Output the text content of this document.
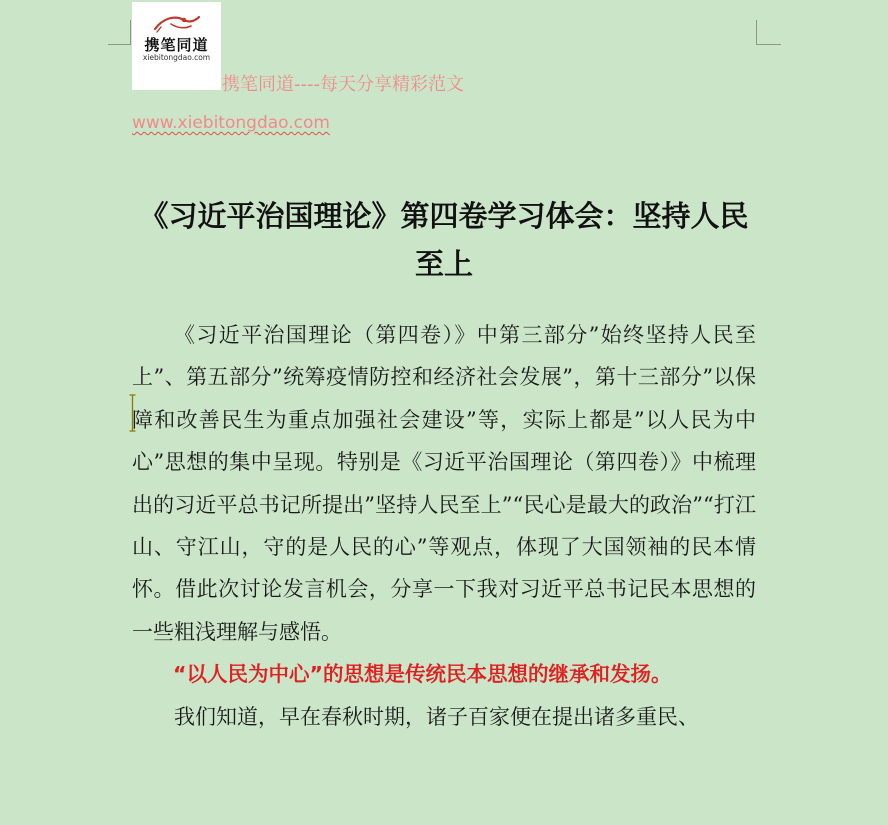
携笔同道
xiebitongdao.com
携笔同道----每天分享精彩范文
www.xiebitongdao.com
《习近平治国理论》第四卷学习体会：坚持人民至上

《习近平治国理论（第四卷）》中第三部分”始终坚持人民至上”、第五部分”统筹疫情防控和经济社会发展”，第十三部分”以保障和改善民生为重点加强社会建设”等，实际上都是”以人民为中心”思想的集中呈现。特别是《习近平治国理论（第四卷）》中梳理出的习近平总书记所提出”坚持人民至上”“民心是最大的政治”“打江山、守江山，守的是人民的心”等观点，体现了大国领袖的民本情怀。借此次讨论发言机会，分享一下我对习近平总书记民本思想的一些粗浅理解与感悟。

“以人民为中心”的思想是传统民本思想的继承和发扬。

我们知道，早在春秋时期，诸子百家便在提出诸多重民、
